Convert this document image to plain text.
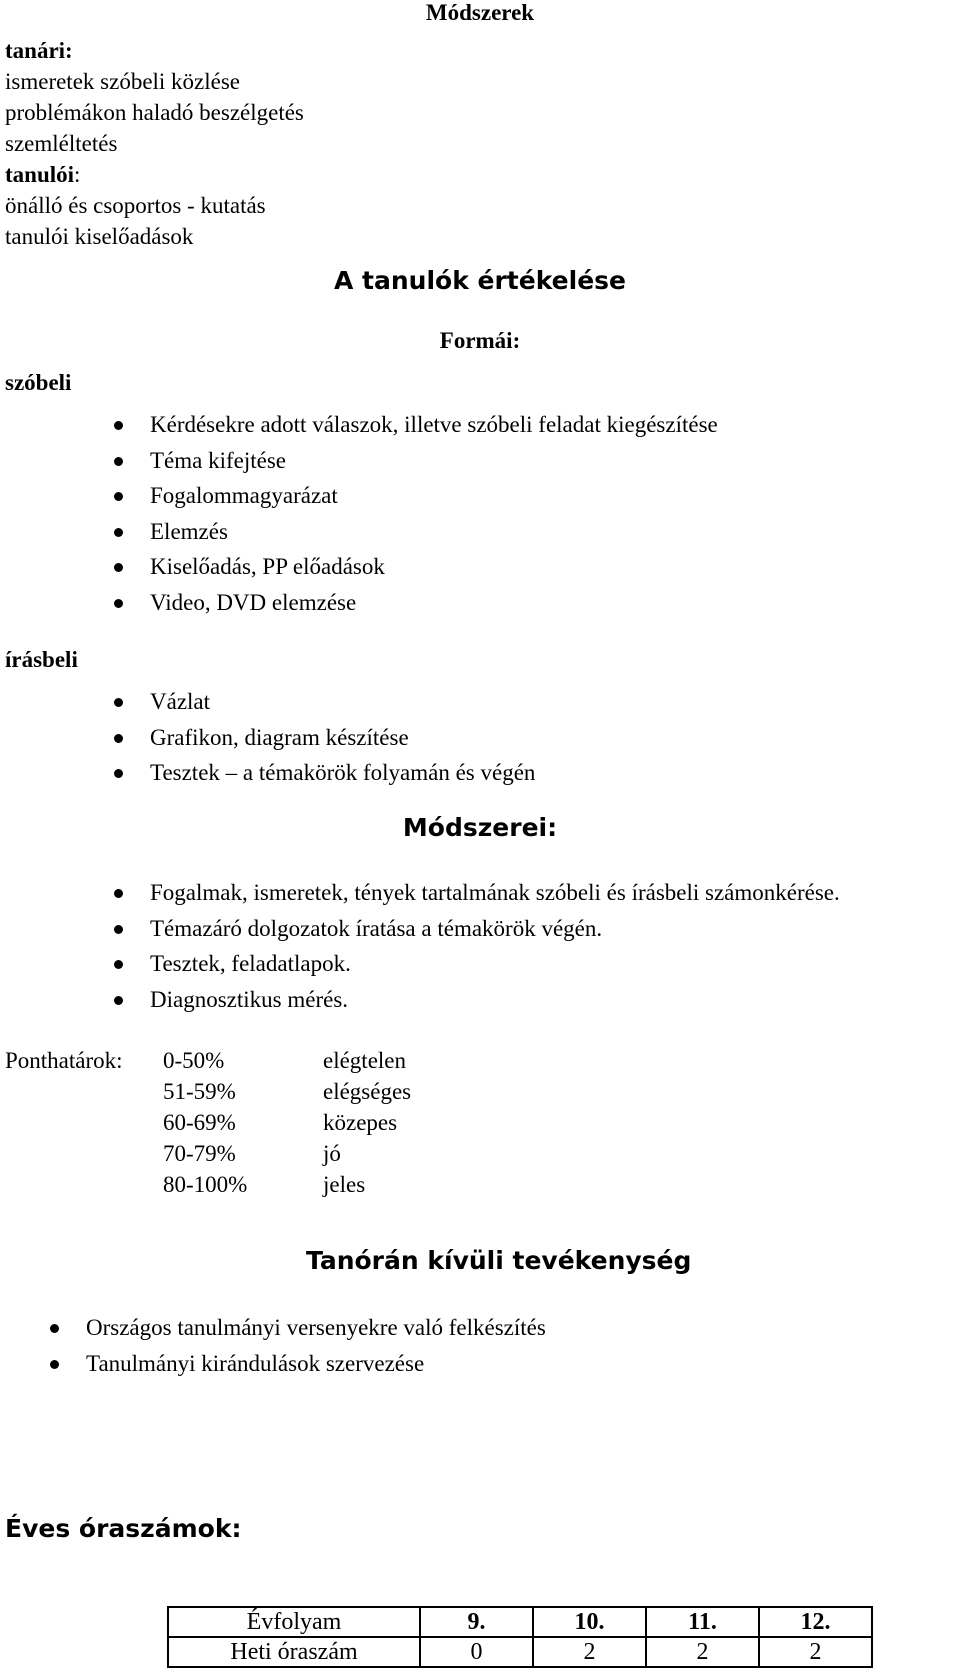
Módszerek
tanári:
ismeretek szóbeli közlése
problémákon haladó beszélgetés
szemléltetés
tanulói:
önálló és csoportos - kutatás
tanulói kiselőadások
A tanulók értékelése
Formái:
szóbeli
Kérdésekre adott válaszok, illetve szóbeli feladat kiegészítése
Téma kifejtése
Fogalommagyarázat
Elemzés
Kiselőadás, PP előadások
Video, DVD elemzése
írásbeli
Vázlat
Grafikon, diagram készítése
Tesztek – a témakörök folyamán és végén
Módszerei:
Fogalmak, ismeretek, tények tartalmának szóbeli és írásbeli számonkérése.
Témazáró dolgozatok íratása a témakörök végén.
Tesztek, feladatlapok.
Diagnosztikus mérés.
Ponthatárok: 0-50%	elégtelen
51-59%	elégséges
60-69%	közepes
70-79%	jó
80-100%	jeles
Tanórán kívüli tevékenység
Országos tanulmányi versenyekre való felkészítés
Tanulmányi kirándulások szervezése
Éves óraszámok:
Évfolyam	9.	10.	11.	12.
Heti óraszám	0	2	2	2
